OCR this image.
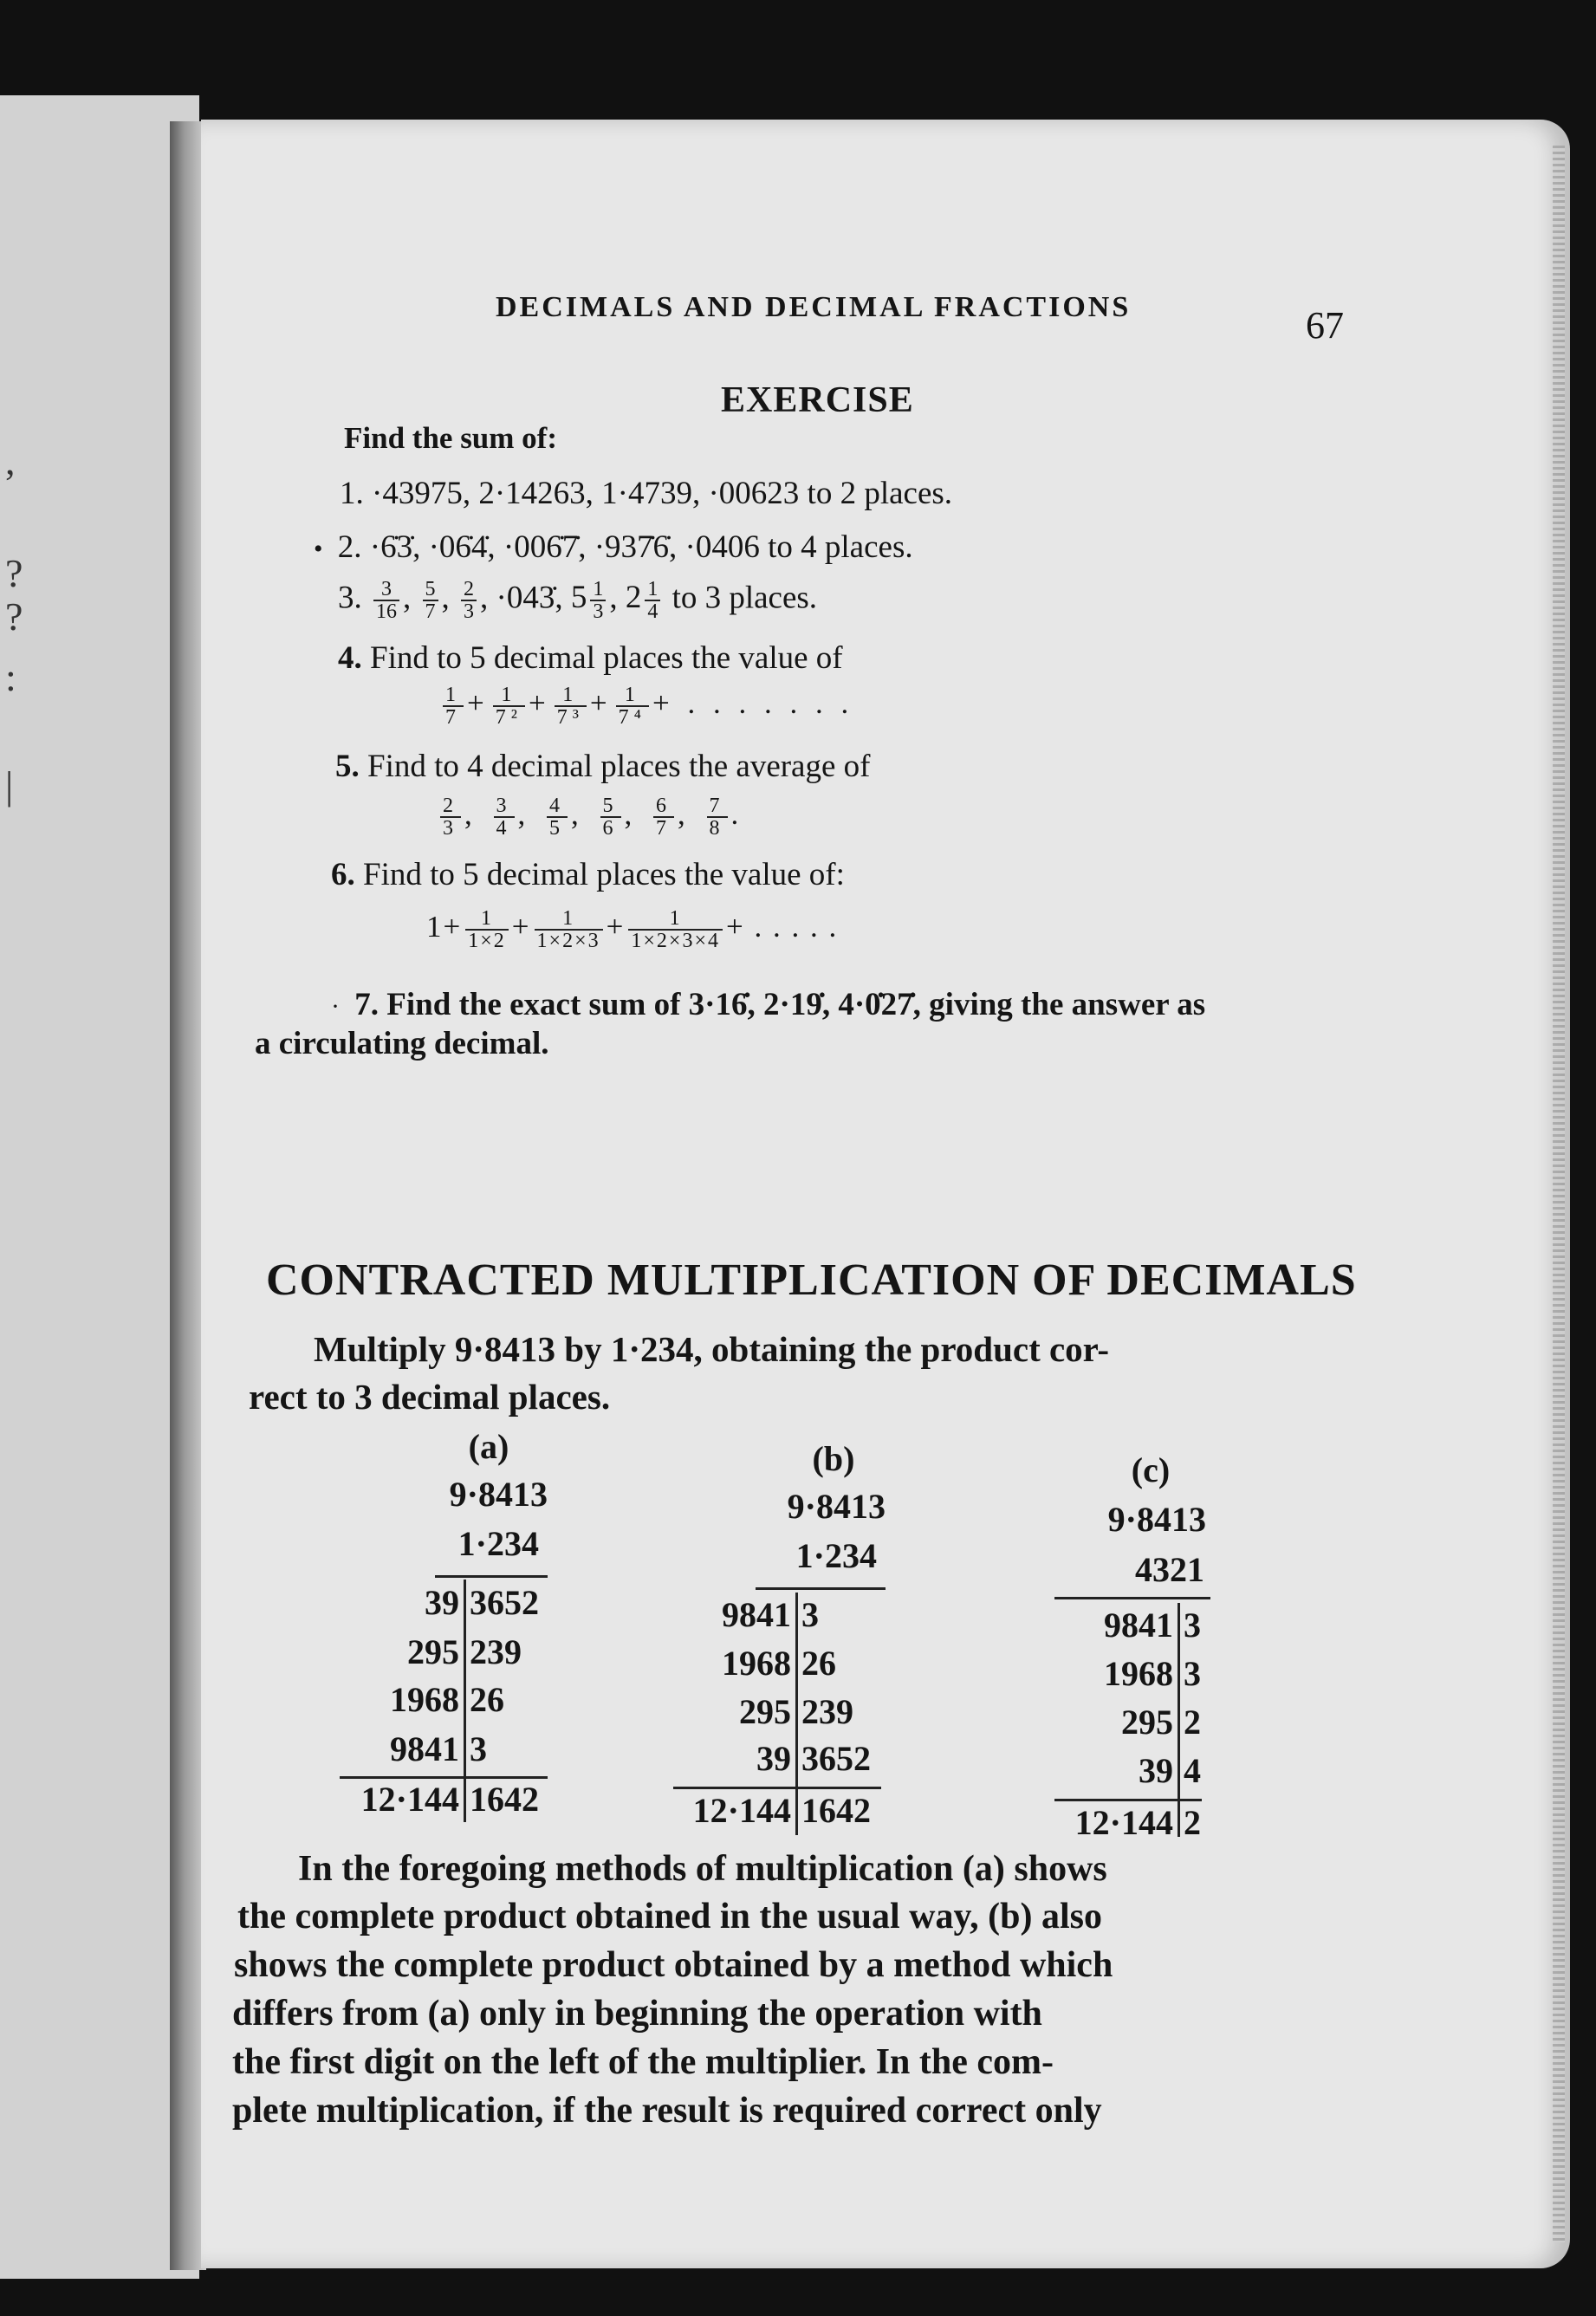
,
?
?
:
|
DECIMALS AND DECIMAL FRACTIONS	67
EXERCISE
Find the sum of:
1. ·43975, 2·14263, 1·4739, ·00623 to 2 places.
• 2. ·6̇3̇, ·06̇4̇, ·006̇7̇, ·937̇6̇, ·0406 to 4 places.
3. $\frac{3}{16}$ , $\frac{5}{7}$ , $\frac{2}{3}$ , ·043̇, $5 \frac{1}{3}$ , $2 \frac{1}{4}$ to 3 places.
4. Find to 5 decimal places the value of
$\frac{1}{7} + \frac{1}{\text{7²}} + \frac{1}{\text{7³}} + \frac{1}{\text{7⁴}}$ + . . . . . . .
5. Find to 4 decimal places the average of
$\frac{2}{3}$ , $\frac{3}{4}$ , $\frac{4}{5}$ , $\frac{5}{6}$ , $\frac{6}{7}$ , $\frac{7}{8}$ .
6. Find to 5 decimal places the value of:
$1+ \frac{1}{1\times 2} + \frac{1}{1\times 2\times 3} + \frac{1}{1\times 2\times 3\times 4}$ + . . . . .
· 7. Find the exact sum of 3·16̇, 2·19̇, 4·0̇27̇, giving the answer as
a circulating decimal.
CONTRACTED MULTIPLICATION OF DECIMALS
Multiply 9·8413 by 1·234, obtaining the product cor-
rect to 3 decimal places.
(a)
9·8413
1·234
39 3652
295 239
1968 26
9841 3
12·144 1642
(b)
9·8413
1·234
9841 3
1968 26
295 239
39 3652
12·144 1642
(c)
9·8413
4321
9841 3
1968 3
295 2
39 4
12·144 2
In the foregoing methods of multiplication (a) shows
the complete product obtained in the usual way, (b) also
shows the complete product obtained by a method which
differs from (a) only in beginning the operation with
the first digit on the left of the multiplier. In the com-
plete multiplication, if the result is required correct only
